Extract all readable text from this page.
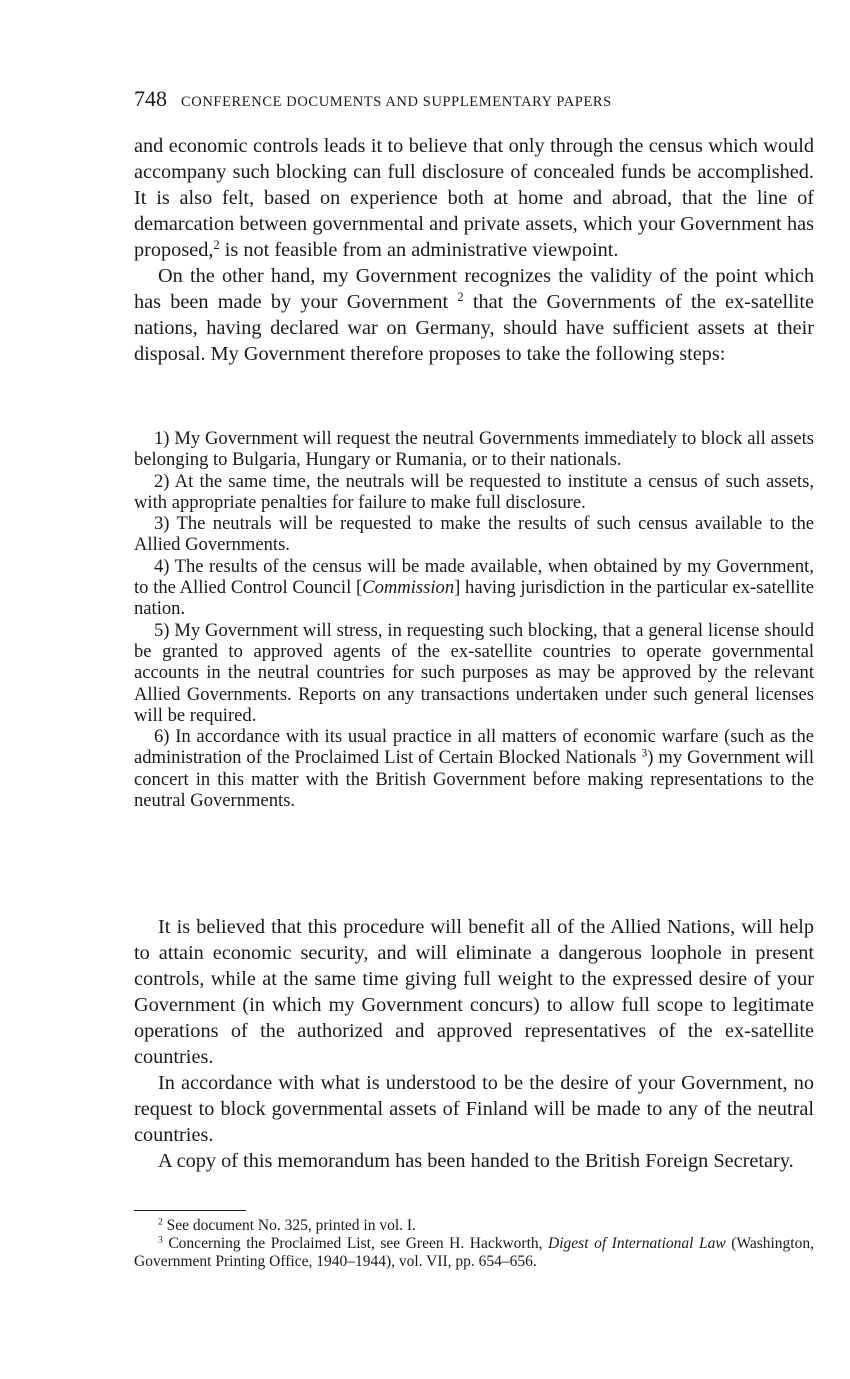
748 CONFERENCE DOCUMENTS AND SUPPLEMENTARY PAPERS

and economic controls leads it to believe that only through the census which would accompany such blocking can full disclosure of concealed funds be accomplished. It is also felt, based on experience both at home and abroad, that the line of demarcation between governmental and private assets, which your Government has proposed,$^2$ is not feasible from an administrative viewpoint.

On the other hand, my Government recognizes the validity of the point which has been made by your Government $^2$ that the Governments of the ex-satellite nations, having declared war on Germany, should have sufficient assets at their disposal. My Government therefore proposes to take the following steps:

1) My Government will request the neutral Governments immediately to block all assets belonging to Bulgaria, Hungary or Rumania, or to their nationals.

2) At the same time, the neutrals will be requested to institute a census of such assets, with appropriate penalties for failure to make full disclosure.

3) The neutrals will be requested to make the results of such census available to the Allied Governments.

4) The results of the census will be made available, when obtained by my Government, to the Allied Control Council [Commission] having jurisdiction in the particular ex-satellite nation.

5) My Government will stress, in requesting such blocking, that a general license should be granted to approved agents of the ex-satellite countries to operate governmental accounts in the neutral countries for such purposes as may be approved by the relevant Allied Governments. Reports on any transactions undertaken under such general licenses will be required.

6) In accordance with its usual practice in all matters of economic warfare (such as the administration of the Proclaimed List of Certain Blocked Nationals $^3$) my Government will concert in this matter with the British Government before making representations to the neutral Governments.

It is believed that this procedure will benefit all of the Allied Nations, will help to attain economic security, and will eliminate a dangerous loophole in present controls, while at the same time giving full weight to the expressed desire of your Government (in which my Government concurs) to allow full scope to legitimate operations of the authorized and approved representatives of the ex-satellite countries.

In accordance with what is understood to be the desire of your Government, no request to block governmental assets of Finland will be made to any of the neutral countries.

A copy of this memorandum has been handed to the British Foreign Secretary.

$^2$ See document No. 325, printed in vol. I.

$^3$ Concerning the Proclaimed List, see Green H. Hackworth, Digest of International Law (Washington, Government Printing Office, 1940–1944), vol. VII, pp. 654–656.
